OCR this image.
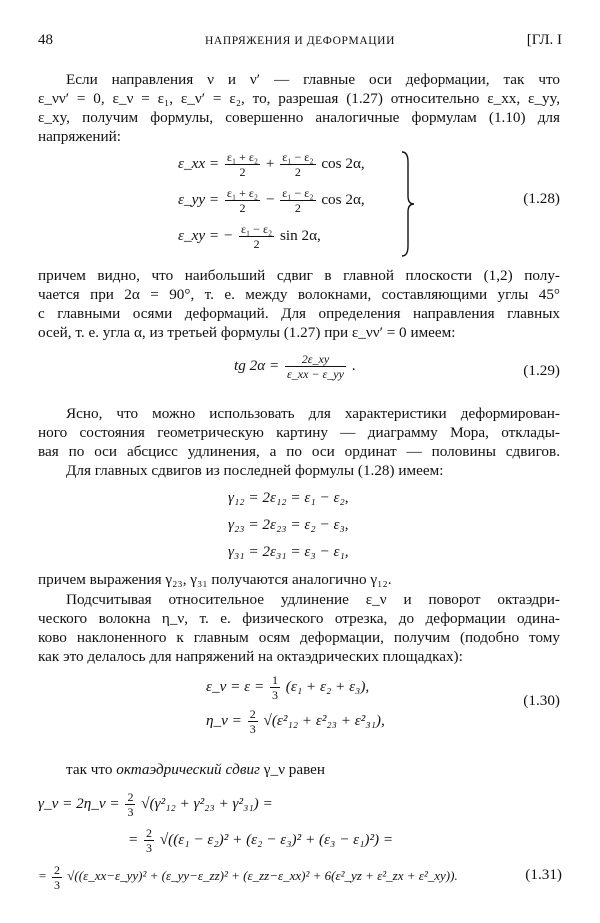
48	НАПРЯЖЕНИЯ И ДЕФОРМАЦИИ	[ГЛ. I
Если направления ν и ν′ — главные оси деформации, так что
ε_νν′ = 0, ε_ν = ε₁, ε_ν′ = ε₂, то, разрешая (1.27) относительно ε_xx, ε_yy,
ε_xy, получим формулы, совершенно аналогичные формулам (1.10) для
напряжений:
ε_xx = $\frac{\text{ε₁ + ε₂}}{2} + \frac{\text{ε₁ − ε₂}}{2}$ cos 2α,
ε_yy = $\frac{\text{ε₁ + ε₂}}{2} - \frac{\text{ε₁ − ε₂}}{2}$ cos 2α,
ε_xy = − $\frac{\text{ε₁ − ε₂}}{2}$ sin 2α,
(1.28)
причем видно, что наибольший сдвиг в главной плоскости (1,2) полу-
чается при 2α = 90°, т. е. между волокнами, составляющими углы 45°
с главными осями деформаций. Для определения направления главных
осей, т. е. угла α, из третьей формулы (1.27) при ε_νν′ = 0 имеем:
tg $2\alpha = \frac{2\varepsilon\_xy}{\varepsilon\_xx - \varepsilon\_yy}$ .	(1.29)
Ясно, что можно использовать для характеристики деформирован-
ного состояния геометрическую картину — диаграмму Мора, отклады-
вая по оси абсцисс удлинения, а по оси ординат — половины сдвигов.
Для главных сдвигов из последней формулы (1.28) имеем:
γ₁₂ = 2ε₁₂ = ε₁ − ε₂,
γ₂₃ = 2ε₂₃ = ε₂ − ε₃,
γ₃₁ = 2ε₃₁ = ε₃ − ε₁,
причем выражения γ₂₃, γ₃₁ получаются аналогично γ₁₂.
Подсчитывая относительное удлинение ε_ν и поворот октаэдри-
ческого волокна η_ν, т. е. физического отрезка, до деформации одина-
ково наклоненного к главным осям деформации, получим (подобно тому
как это делалось для напряжений на октаэдрических площадках):
ε_ν = $\varepsilon = \frac{1}{3} (\varepsilon_1 + \varepsilon_2 + \varepsilon_3)$,
η_ν = $\frac{2}{3} √(\varepsilon^2_{12} + \varepsilon^2_{23} + \varepsilon^2_{31})$,
(1.30)
так что октаэдрический сдвиг γ_ν равен
γ_ν = 2η_ν = $\frac{2}{3} √(\gamma^2_{12} + \gamma^2_{23} + \gamma^2_{31})$ =
= $\frac{2}{3} √((\varepsilon_1 - \varepsilon_2)^2 + (\varepsilon_2 - \varepsilon_3)^2 + (\varepsilon_3 - \varepsilon_1)^2)$ =
= $\frac{2}{3}$ √((ε_xx−ε_yy)² + (ε_yy−ε_zz)² + (ε_zz−ε_xx)² + 6(ε²_yz + ε²_zx + ε²_xy)).	(1.31)
